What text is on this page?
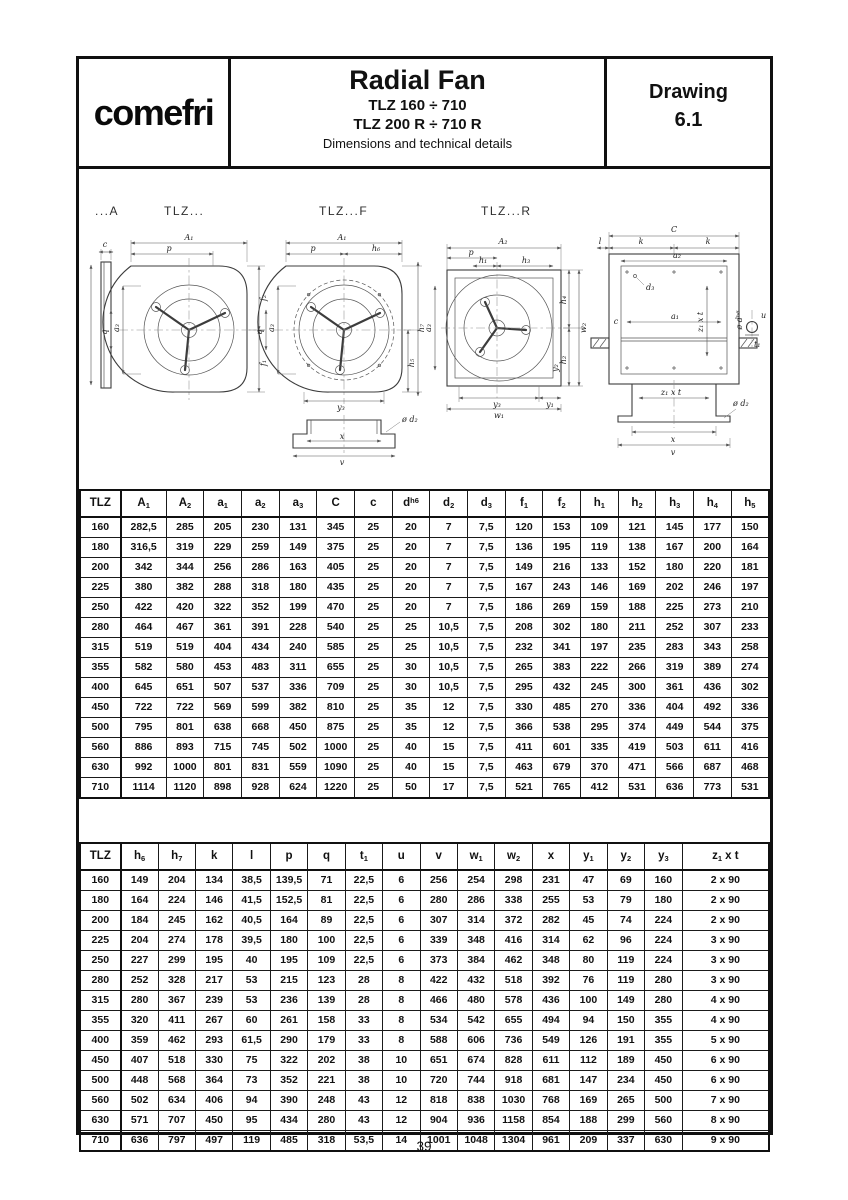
comefri
Radial Fan
TLZ 160 ÷ 710
TLZ 200 R ÷ 710 R
Dimensions and technical details
Drawing
6.1
...A	TLZ...	TLZ...F	TLZ...R
c
A₁
p
a₃
q
f₂
f₁
A₁
p	h₆
a₃
q
h₅
h₇
y₃
ø d₂
x
v
A₂
p
h₁	h₃
a₃
h₄
h₂
w₂
y₂
y₃	y₁
w₁
C
l	k	k
a₂
d₃
a₁
c	z₁ x t
ø d₂
z₁ x t
x
v
ø dʰ⁶ u
t₁
TLZ	$A_1$	$A_2$	$a_1$	$a_2$	$a_3$	C	c	$d^{h6}$	$d_2$	$d_3$	$f_1$	$f_2$	$h_1$	$h_2$	$h_3$	$h_4$	$h_5$
160	282,5	285	205	230	131	345	25	20	7	7,5	120	153	109	121	145	177	150
180	316,5	319	229	259	149	375	25	20	7	7,5	136	195	119	138	167	200	164
200	342	344	256	286	163	405	25	20	7	7,5	149	216	133	152	180	220	181
225	380	382	288	318	180	435	25	20	7	7,5	167	243	146	169	202	246	197
250	422	420	322	352	199	470	25	20	7	7,5	186	269	159	188	225	273	210
280	464	467	361	391	228	540	25	25	10,5	7,5	208	302	180	211	252	307	233
315	519	519	404	434	240	585	25	25	10,5	7,5	232	341	197	235	283	343	258
355	582	580	453	483	311	655	25	30	10,5	7,5	265	383	222	266	319	389	274
400	645	651	507	537	336	709	25	30	10,5	7,5	295	432	245	300	361	436	302
450	722	722	569	599	382	810	25	35	12	7,5	330	485	270	336	404	492	336
500	795	801	638	668	450	875	25	35	12	7,5	366	538	295	374	449	544	375
560	886	893	715	745	502	1000	25	40	15	7,5	411	601	335	419	503	611	416
630	992	1000	801	831	559	1090	25	40	15	7,5	463	679	370	471	566	687	468
710	1114	1120	898	928	624	1220	25	50	17	7,5	521	765	412	531	636	773	531
TLZ	$h_6$	$h_7$	k	l	p	q	$t_1$	u	v	$w_1$	$w_2$	x	$y_1$	$y_2$	$y_3$	$z_1$ x t
160	149	204	134	38,5	139,5	71	22,5	6	256	254	298	231	47	69	160	2 x 90
180	164	224	146	41,5	152,5	81	22,5	6	280	286	338	255	53	79	180	2 x 90
200	184	245	162	40,5	164	89	22,5	6	307	314	372	282	45	74	224	2 x 90
225	204	274	178	39,5	180	100	22,5	6	339	348	416	314	62	96	224	3 x 90
250	227	299	195	40	195	109	22,5	6	373	384	462	348	80	119	224	3 x 90
280	252	328	217	53	215	123	28	8	422	432	518	392	76	119	280	3 x 90
315	280	367	239	53	236	139	28	8	466	480	578	436	100	149	280	4 x 90
355	320	411	267	60	261	158	33	8	534	542	655	494	94	150	355	4 x 90
400	359	462	293	61,5	290	179	33	8	588	606	736	549	126	191	355	5 x 90
450	407	518	330	75	322	202	38	10	651	674	828	611	112	189	450	6 x 90
500	448	568	364	73	352	221	38	10	720	744	918	681	147	234	450	6 x 90
560	502	634	406	94	390	248	43	12	818	838	1030	768	169	265	500	7 x 90
630	571	707	450	95	434	280	43	12	904	936	1158	854	188	299	560	8 x 90
710	636	797	497	119	485	318	53,5	14	1001	1048	1304	961	209	337	630	9 x 90
39
